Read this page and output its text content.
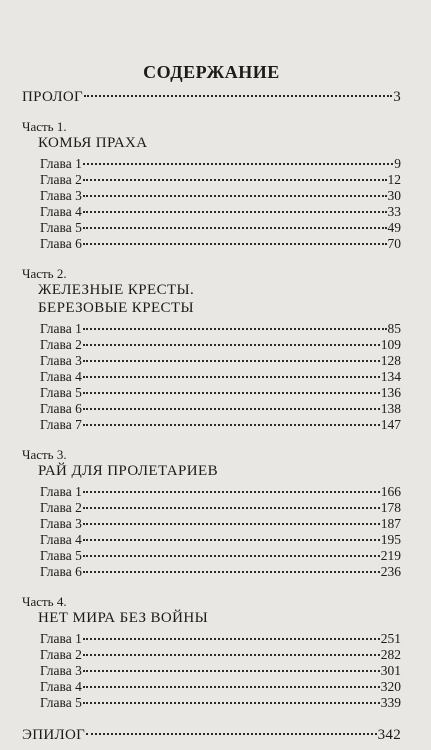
СОДЕРЖАНИЕ
ПРОЛОГ	3
Часть 1.
КОМЬЯ ПРАХА
Глава 1	9
Глава 2	12
Глава 3	30
Глава 4	33
Глава 5	49
Глава 6	70
Часть 2.
ЖЕЛЕЗНЫЕ КРЕСТЫ.
БЕРЕЗОВЫЕ КРЕСТЫ
Глава 1	85
Глава 2	109
Глава 3	128
Глава 4	134
Глава 5	136
Глава 6	138
Глава 7	147
Часть 3.
РАЙ ДЛЯ ПРОЛЕТАРИЕВ
Глава 1	166
Глава 2	178
Глава 3	187
Глава 4	195
Глава 5	219
Глава 6	236
Часть 4.
НЕТ МИРА БЕЗ ВОЙНЫ
Глава 1	251
Глава 2	282
Глава 3	301
Глава 4	320
Глава 5	339
ЭПИЛОГ	342
